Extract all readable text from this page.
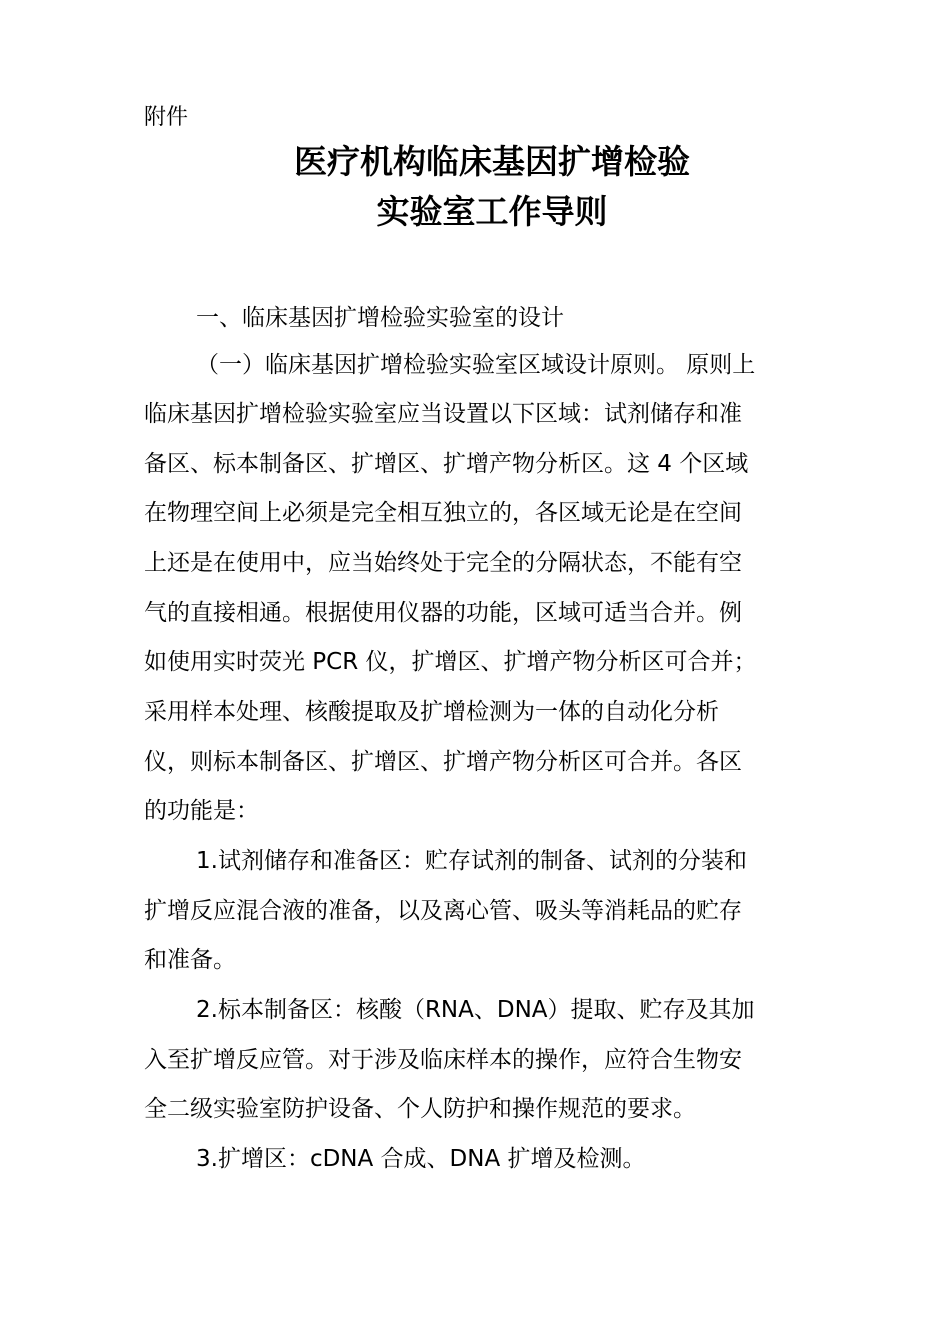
附件
医疗机构临床基因扩增检验
实验室工作导则
一、临床基因扩增检验实验室的设计
（一）临床基因扩增检验实验室区域设计原则。 原则上
临床基因扩增检验实验室应当设置以下区域：试剂储存和准
备区、标本制备区、扩增区、扩增产物分析区。这 4 个区域
在物理空间上必须是完全相互独立的，各区域无论是在空间
上还是在使用中，应当始终处于完全的分隔状态，不能有空
气的直接相通。根据使用仪器的功能，区域可适当合并。例
如使用实时荧光 PCR 仪，扩增区、扩增产物分析区可合并；
采用样本处理、核酸提取及扩增检测为一体的自动化分析
仪，则标本制备区、扩增区、扩增产物分析区可合并。各区
的功能是：
1.试剂储存和准备区：贮存试剂的制备、试剂的分装和
扩增反应混合液的准备，以及离心管、吸头等消耗品的贮存
和准备。
2.标本制备区：核酸（RNA、DNA）提取、贮存及其加
入至扩增反应管。对于涉及临床样本的操作，应符合生物安
全二级实验室防护设备、个人防护和操作规范的要求。
3.扩增区：cDNA 合成、DNA 扩增及检测。
